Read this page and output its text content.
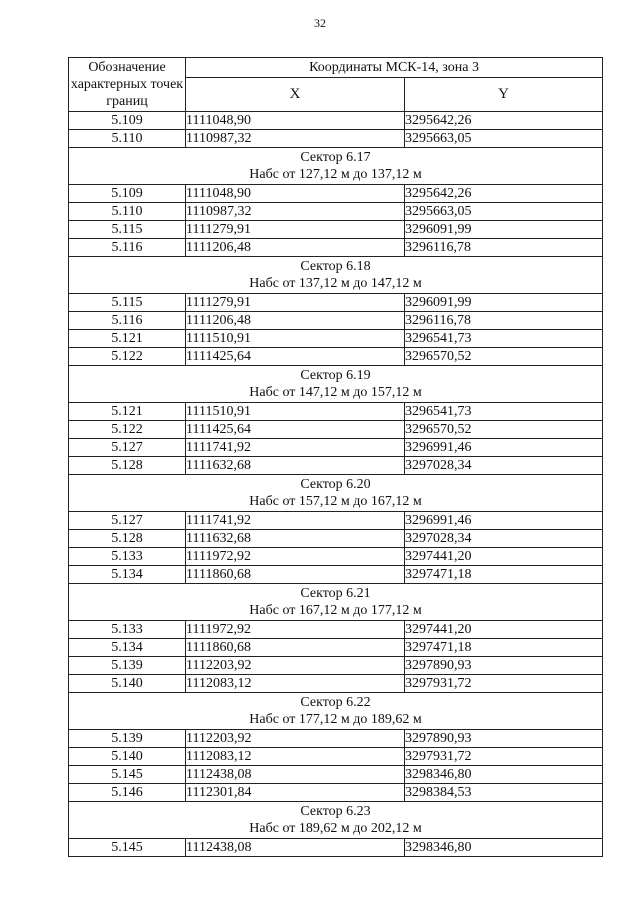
32
Обозначение характерных точек границ	Координаты МСК-14, зона 3	
	X	Y
5.109	1111048,90	3295642,26
5.110	1110987,32	3295663,05

Сектор 6.17
Набс от 127,12 м до 137,12 м		

5.109	1111048,90	3295642,26
5.110	1110987,32	3295663,05
5.115	1111279,91	3296091,99
5.116	1111206,48	3296116,78

Сектор 6.18
Набс от 137,12 м до 147,12 м		

5.115	1111279,91	3296091,99
5.116	1111206,48	3296116,78
5.121	1111510,91	3296541,73
5.122	1111425,64	3296570,52

Сектор 6.19
Набс от 147,12 м до 157,12 м		

5.121	1111510,91	3296541,73
5.122	1111425,64	3296570,52
5.127	1111741,92	3296991,46
5.128	1111632,68	3297028,34

Сектор 6.20
Набс от 157,12 м до 167,12 м		

5.127	1111741,92	3296991,46
5.128	1111632,68	3297028,34
5.133	1111972,92	3297441,20
5.134	1111860,68	3297471,18

Сектор 6.21
Набс от 167,12 м до 177,12 м		

5.133	1111972,92	3297441,20
5.134	1111860,68	3297471,18
5.139	1112203,92	3297890,93
5.140	1112083,12	3297931,72

Сектор 6.22
Набс от 177,12 м до 189,62 м		

5.139	1112203,92	3297890,93
5.140	1112083,12	3297931,72
5.145	1112438,08	3298346,80
5.146	1112301,84	3298384,53

Сектор 6.23
Набс от 189,62 м до 202,12 м		

5.145	1112438,08	3298346,80
